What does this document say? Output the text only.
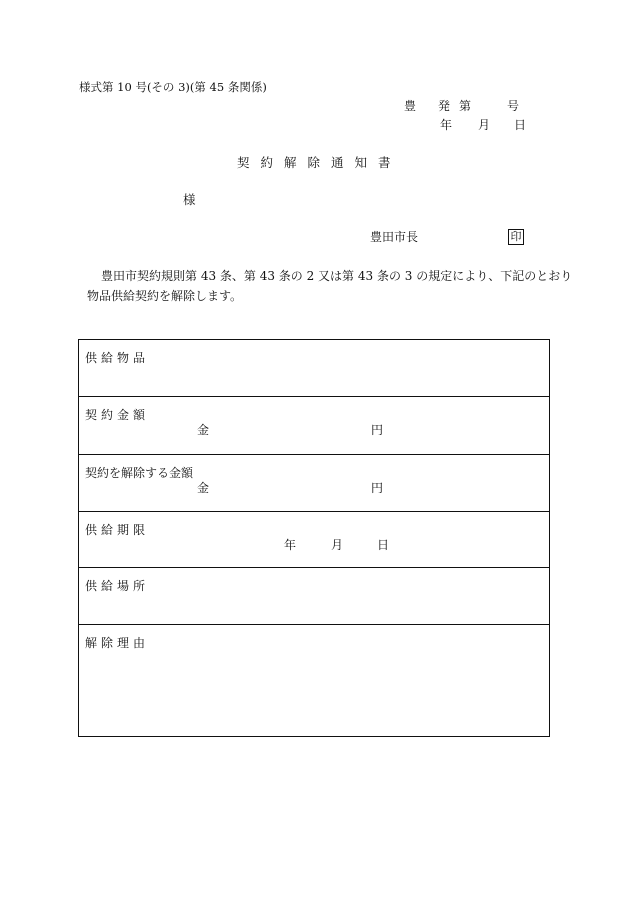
様式第 10 号(その 3)(第 45 条関係)
豊 発 第	号
年 月 日
契約解除通知書
様
豊田市長	印
豊田市契約規則第 43 条、第 43 条の 2 又は第 43 条の 3 の規定により、下記のとおり
物品供給契約を解除します。
供給物品
契約金額
金	円
契約を解除する金額
金	円
供給期限
年	月	日
供給場所
解除理由
